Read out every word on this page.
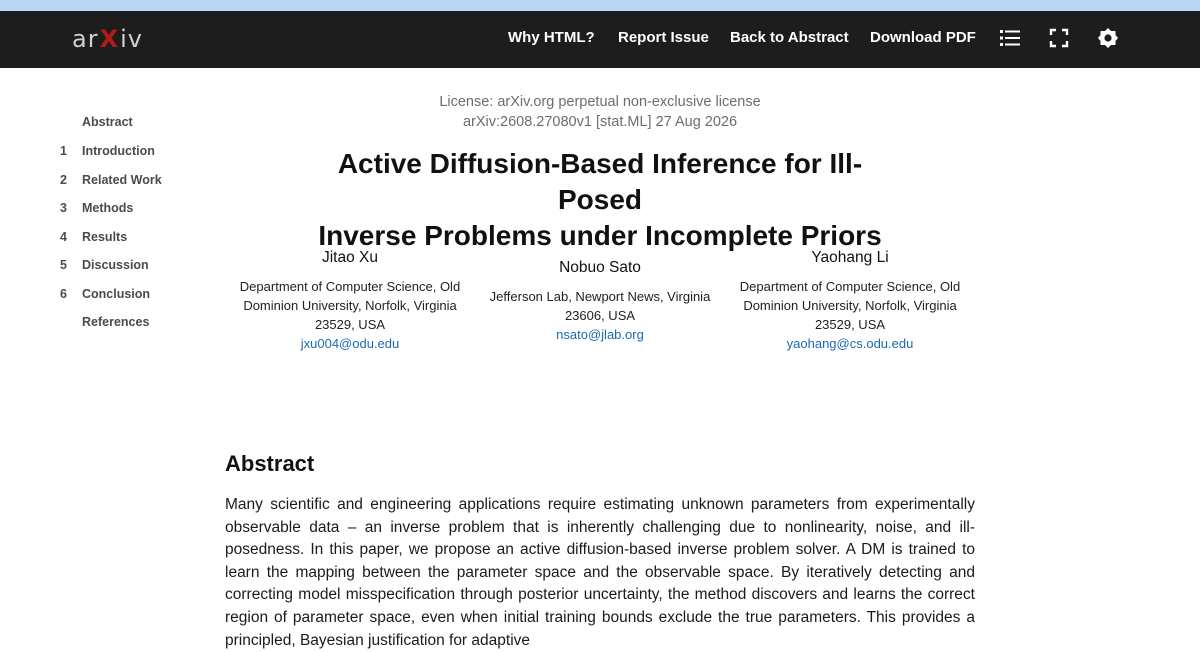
ar X iv	Why HTML? Report Issue Back to Abstract Download PDF
Abstract
1	Introduction
2	Related Work
3	Methods
4	Results
5	Discussion
6	Conclusion
References
License: arXiv.org perpetual non-exclusive license
arXiv:2608.27080v1 [stat.ML] 27 Aug 2026
Active Diffusion-Based Inference for Ill-Posed
Inverse Problems under Incomplete Priors
Jitao Xu
Department of Computer Science, Old Dominion University, Norfolk, Virginia 23529, USA
jxu004@odu.edu
Nobuo Sato
Jefferson Lab, Newport News, Virginia 23606, USA
nsato@jlab.org
Yaohang Li
Department of Computer Science, Old Dominion University, Norfolk, Virginia 23529, USA
yaohang@cs.odu.edu
Abstract

Many scientific and engineering applications require estimating unknown parameters from experimentally observable data – an inverse problem that is inherently challenging due to nonlinearity, noise, and ill-posedness. In this paper, we propose an active diffusion-based inverse problem solver. A DM is trained to learn the mapping between the parameter space and the observable space. By iteratively detecting and correcting model misspecification through posterior uncertainty, the method discovers and learns the correct region of parameter space, even when initial training bounds exclude the true parameters. This provides a principled, Bayesian justification for adaptive
